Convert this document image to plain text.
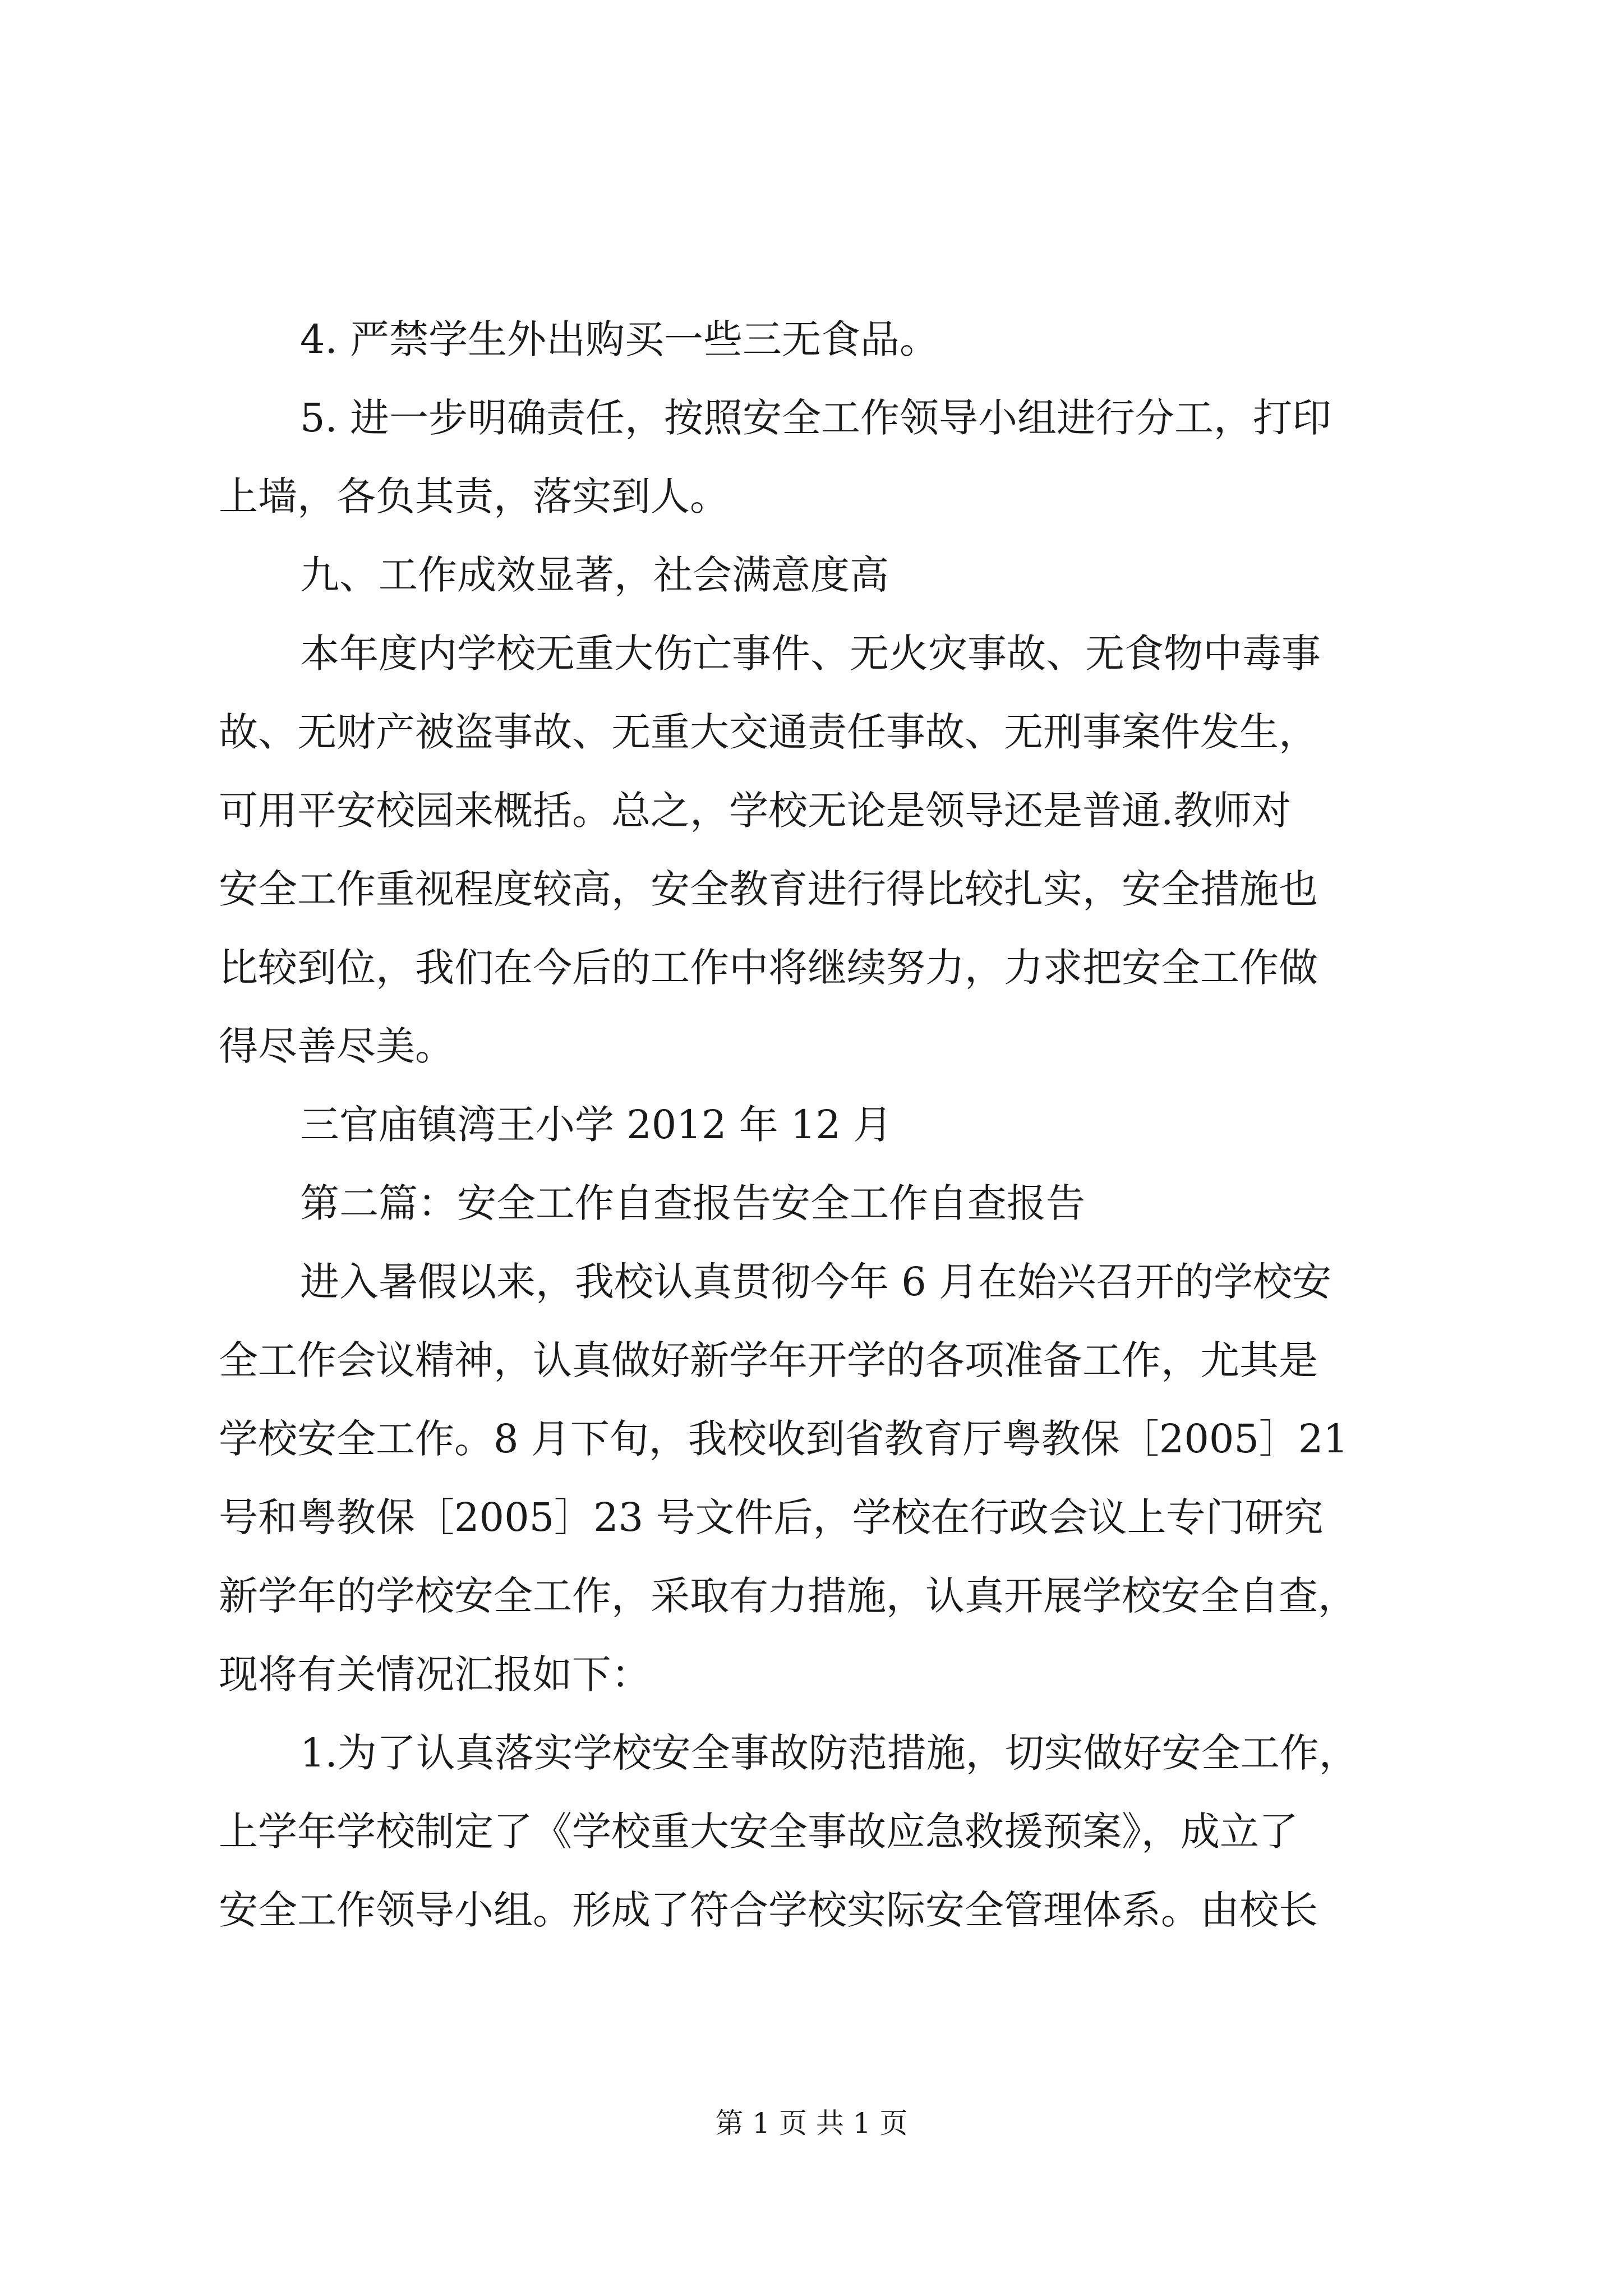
4. 严禁学生外出购买一些三无食品。
5. 进一步明确责任，按照安全工作领导小组进行分工，打印
上墙，各负其责，落实到人。
九、工作成效显著，社会满意度高
本年度内学校无重大伤亡事件、无火灾事故、无食物中毒事
故、无财产被盗事故、无重大交通责任事故、无刑事案件发生，
可用平安校园来概括。总之，学校无论是领导还是普通.教师对
安全工作重视程度较高，安全教育进行得比较扎实，安全措施也
比较到位，我们在今后的工作中将继续努力，力求把安全工作做
得尽善尽美。
三官庙镇湾王小学 2012 年 12 月
第二篇：安全工作自查报告安全工作自查报告
进入暑假以来，我校认真贯彻今年 6 月在始兴召开的学校安
全工作会议精神，认真做好新学年开学的各项准备工作，尤其是
学校安全工作。8 月下旬，我校收到省教育厅粤教保［2005］21
号和粤教保［2005］23 号文件后，学校在行政会议上专门研究
新学年的学校安全工作，采取有力措施，认真开展学校安全自查，
现将有关情况汇报如下：
1.为了认真落实学校安全事故防范措施，切实做好安全工作，
上学年学校制定了《学校重大安全事故应急救援预案》，成立了
安全工作领导小组。形成了符合学校实际安全管理体系。由校长
第 1 页 共 1 页
